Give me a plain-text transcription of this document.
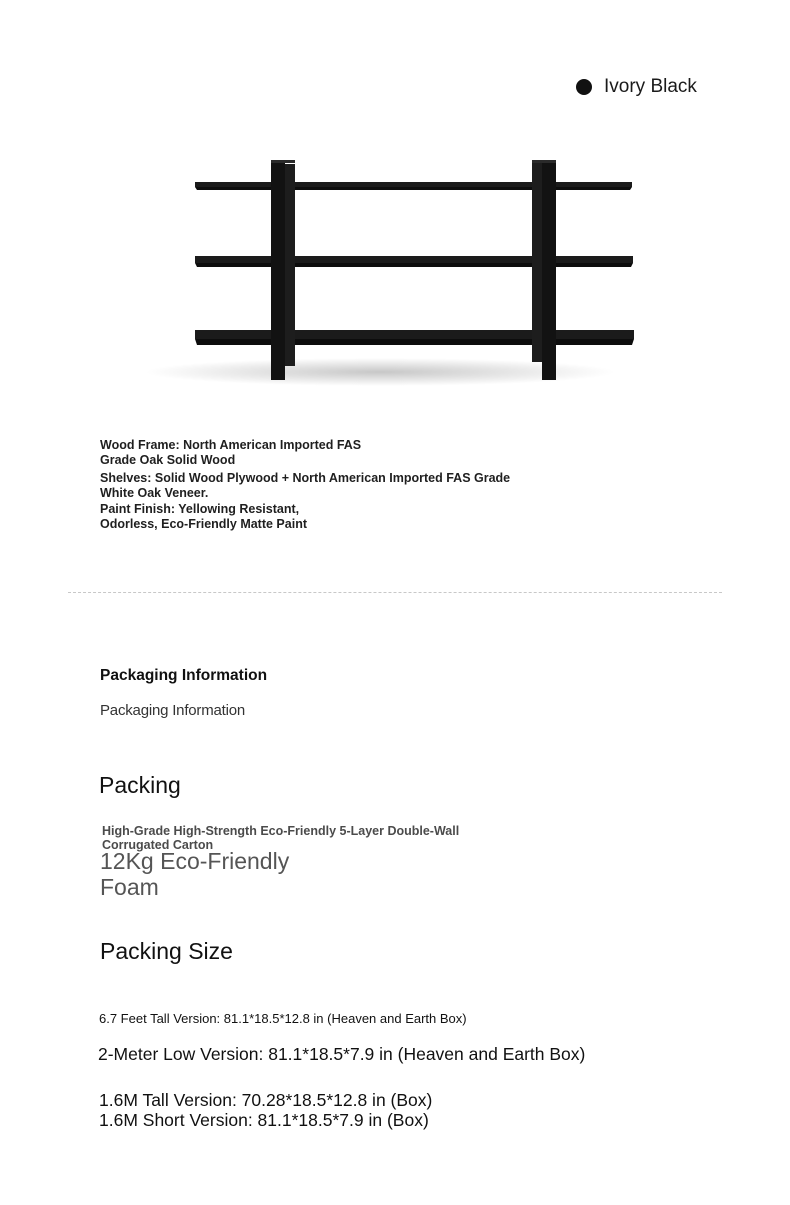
Ivory Black
Wood Frame: North American Imported FAS
Grade Oak Solid Wood
Shelves: Solid Wood Plywood + North American Imported FAS Grade
White Oak Veneer.
Paint Finish: Yellowing Resistant,
Odorless, Eco-Friendly Matte Paint
Packaging Information
Packaging Information
Packing
High-Grade High-Strength Eco-Friendly 5-Layer Double-Wall
Corrugated Carton
12Kg Eco-Friendly
Foam
Packing Size
6.7 Feet Tall Version: 81.1*18.5*12.8 in (Heaven and Earth Box)
2-Meter Low Version: 81.1*18.5*7.9 in (Heaven and Earth Box)
1.6M Tall Version: 70.28*18.5*12.8 in (Box)
1.6M Short Version: 81.1*18.5*7.9 in (Box)
